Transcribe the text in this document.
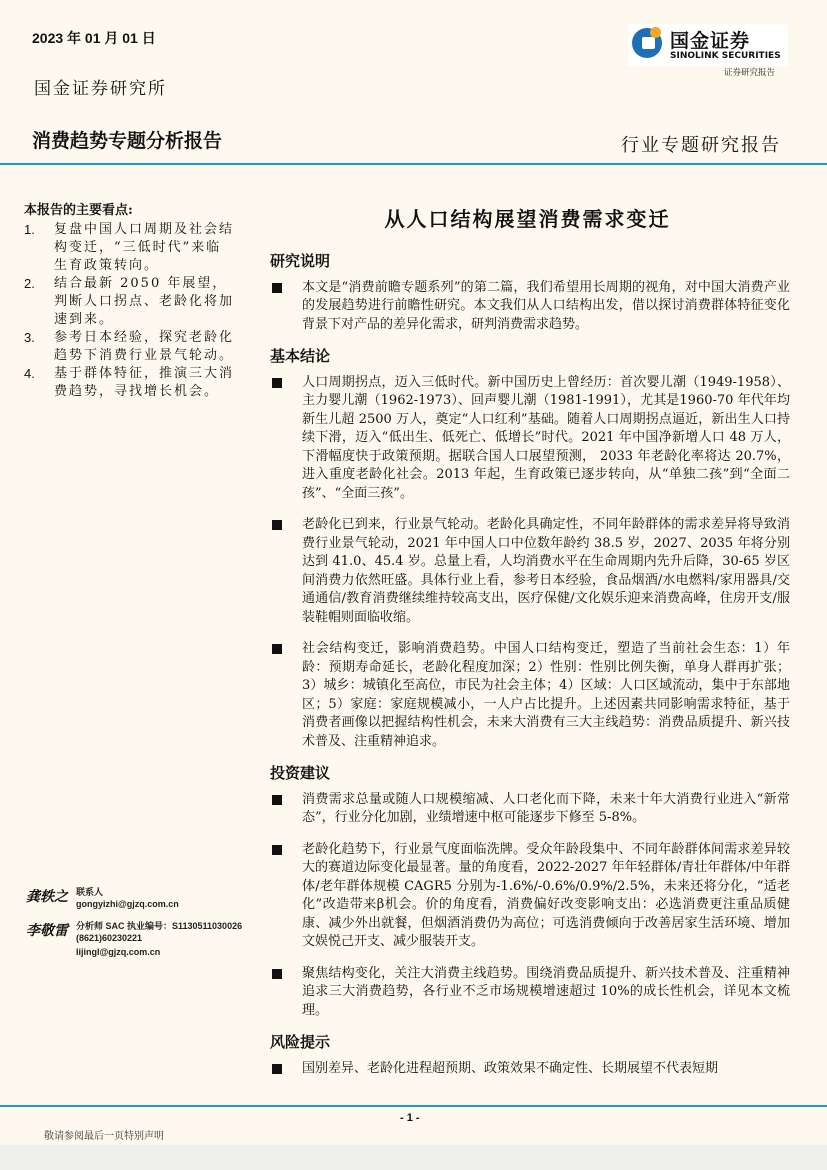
2023 年 01 月 01 日
国金证券研究所
消费趋势专题分析报告
国金证券
SINOLINK SECURITIES
证券研究报告
行业专题研究报告
本报告的主要看点:
1.	复盘中国人口周期及社会结构变迁，“三低时代”来临生育政策转向。
2.	结合最新 2050 年展望，判断人口拐点、老龄化将加速到来。
3.	参考日本经验，探究老龄化趋势下消费行业景气轮动。
4.	基于群体特征，推演三大消费趋势，寻找增长机会。
龚轶之 联系人
gongyizhi@gjzq.com.cn
李敬雷 分析师 SAC 执业编号：S1130511030026
(8621)60230221
lijingl@gjzq.com.cn
从人口结构展望消费需求变迁
研究说明
本文是“消费前瞻专题系列”的第二篇，我们希望用长周期的视角，对中国大消费产业的发展趋势进行前瞻性研究。本文我们从人口结构出发，借以探讨消费群体特征变化背景下对产品的差异化需求，研判消费需求趋势。
基本结论
人口周期拐点，迈入三低时代。新中国历史上曾经历：首次婴儿潮（1949-1958）、主力婴儿潮（1962-1973）、回声婴儿潮（1981-1991），尤其是1960-70 年代年均新生儿超 2500 万人，奠定“人口红利”基础。随着人口周期拐点逼近，新出生人口持续下滑，迈入“低出生、低死亡、低增长”时代。2021 年中国净新增人口 48 万人，下滑幅度快于政策预期。据联合国人口展望预测， 2033 年老龄化率将达 20.7%，进入重度老龄化社会。2013 年起，生育政策已逐步转向，从“单独二孩”到“全面二孩”、“全面三孩”。
老龄化已到来，行业景气轮动。老龄化具确定性，不同年龄群体的需求差异将导致消费行业景气轮动，2021 年中国人口中位数年龄约 38.5 岁，2027、2035 年将分别达到 41.0、45.4 岁。总量上看，人均消费水平在生命周期内先升后降，30-65 岁区间消费力依然旺盛。具体行业上看，参考日本经验，食品烟酒/水电燃料/家用器具/交通通信/教育消费继续维持较高支出，医疗保健/文化娱乐迎来消费高峰，住房开支/服装鞋帽则面临收缩。
社会结构变迁，影响消费趋势。中国人口结构变迁，塑造了当前社会生态：1）年龄：预期寿命延长，老龄化程度加深；2）性别：性别比例失衡，单身人群再扩张；3）城乡：城镇化至高位，市民为社会主体；4）区域：人口区域流动，集中于东部地区；5）家庭：家庭规模减小，一人户占比提升。上述因素共同影响需求特征，基于消费者画像以把握结构性机会，未来大消费有三大主线趋势：消费品质提升、新兴技术普及、注重精神追求。
投资建议
消费需求总量或随人口规模缩减、人口老化而下降，未来十年大消费行业进入“新常态”，行业分化加剧，业绩增速中枢可能逐步下修至 5-8%。
老龄化趋势下，行业景气度面临洗牌。受众年龄段集中、不同年龄群体间需求差异较大的赛道边际变化最显著。量的角度看，2022-2027 年年轻群体/青壮年群体/中年群体/老年群体规模 CAGR5 分别为-1.6%/-0.6%/0.9%/2.5%，未来还将分化，“适老化”改造带来β机会。价的角度看，消费偏好改变影响支出：必选消费更注重品质健康、减少外出就餐，但烟酒消费仍为高位；可选消费倾向于改善居家生活环境、增加文娱悦己开支、减少服装开支。
聚焦结构变化，关注大消费主线趋势。围绕消费品质提升、新兴技术普及、注重精神追求三大消费趋势，各行业不乏市场规模增速超过 10%的成长性机会，详见本文梳理。
风险提示
国别差异、老龄化进程超预期、政策效果不确定性、长期展望不代表短期
- 1 -
敬请参阅最后一页特别声明
